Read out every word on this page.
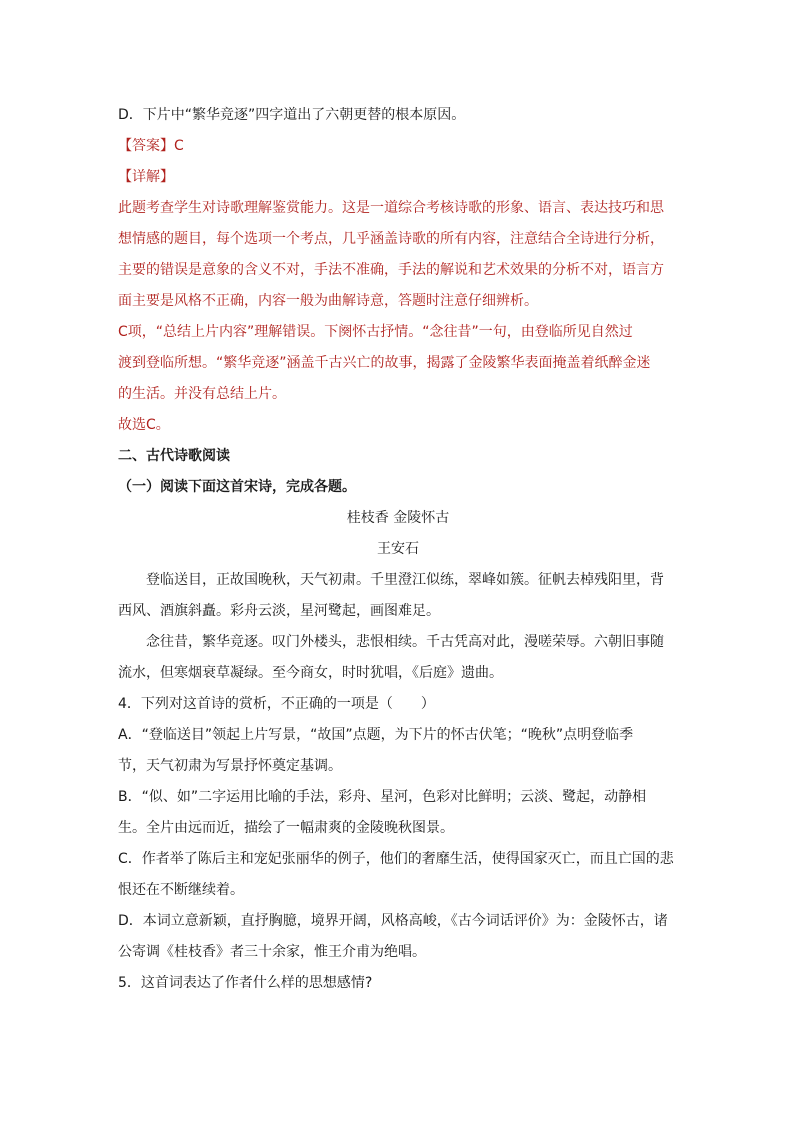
D．下片中“繁华竞逐”四字道出了六朝更替的根本原因。

【答案】C

【详解】

此题考查学生对诗歌理解鉴赏能力。这是一道综合考核诗歌的形象、语言、表达技巧和思

想情感的题目，每个选项一个考点，几乎涵盖诗歌的所有内容，注意结合全诗进行分析，

主要的错误是意象的含义不对，手法不准确，手法的解说和艺术效果的分析不对，语言方

面主要是风格不正确，内容一般为曲解诗意，答题时注意仔细辨析。

C项，“总结上片内容”理解错误。下阕怀古抒情。“念往昔”一句，由登临所见自然过

渡到登临所想。“繁华竞逐”涵盖千古兴亡的故事，揭露了金陵繁华表面掩盖着纸醉金迷

的生活。并没有总结上片。

故选C。

二、古代诗歌阅读

（一）阅读下面这首宋诗，完成各题。

桂枝香 金陵怀古

王安石

登临送目，正故国晚秋，天气初肃。千里澄江似练，翠峰如簇。征帆去棹残阳里，背

西风、酒旗斜矗。彩舟云淡，星河鹭起，画图难足。

念往昔，繁华竞逐。叹门外楼头，悲恨相续。千古凭高对此，漫嗟荣辱。六朝旧事随

流水，但寒烟衰草凝绿。至今商女，时时犹唱，《后庭》遗曲。

4．下列对这首诗的赏析，不正确的一项是（　　）

A．“登临送目”领起上片写景，“故国”点题，为下片的怀古伏笔；“晚秋”点明登临季

节，天气初肃为写景抒怀奠定基调。

B．“似、如”二字运用比喻的手法，彩舟、星河，色彩对比鲜明；云淡、鹭起，动静相

生。全片由远而近，描绘了一幅肃爽的金陵晚秋图景。

C．作者举了陈后主和宠妃张丽华的例子，他们的奢靡生活，使得国家灭亡，而且亡国的悲

恨还在不断继续着。

D．本词立意新颖，直抒胸臆，境界开阔，风格高峻，《古今词话评价》为：金陵怀古，诸

公寄调《桂枝香》者三十余家，惟王介甫为绝唱。

5．这首词表达了作者什么样的思想感情?
